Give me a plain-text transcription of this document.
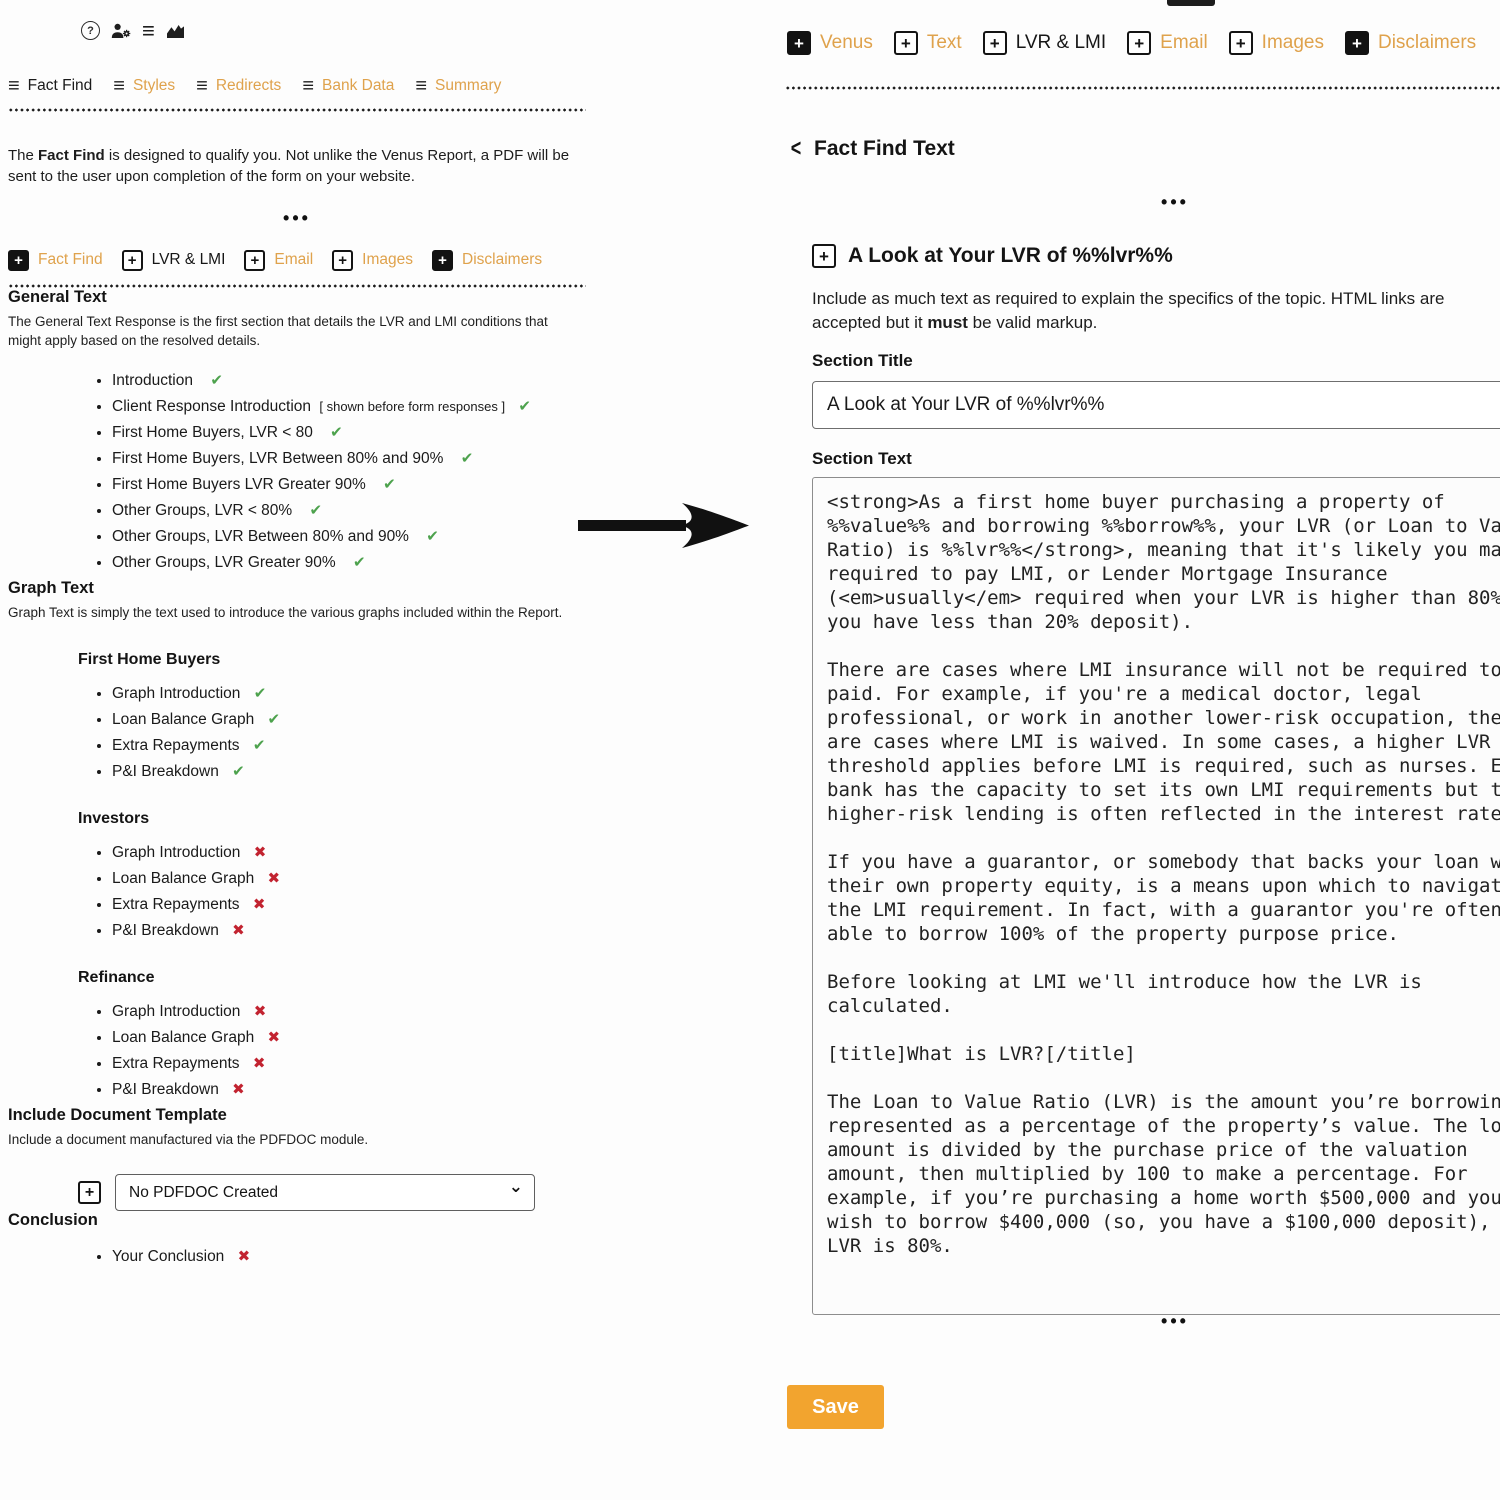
? ≡
≡ Fact Find ≡ Styles ≡ Redirects ≡ Bank Data ≡ Summary

The Fact Find is designed to qualify you. Not unlike the Venus Report, a PDF will be sent to the user upon completion of the form on your website.

•••
+
Fact Find +	LVR & LMI +	Email +	Images +	Disclaimers
General Text

The General Text Response is the first section that details the LVR and LMI conditions that might apply based on the resolved details.

• Introduction ✔
• Client Response Introduction [ shown before form responses ] ✔
• First Home Buyers, LVR < 80 ✔
• First Home Buyers, LVR Between 80% and 90% ✔
• First Home Buyers LVR Greater 90% ✔
• Other Groups, LVR < 80% ✔
• Other Groups, LVR Between 80% and 90% ✔
• Other Groups, LVR Greater 90% ✔
Graph Text

Graph Text is simply the text used to introduce the various graphs included within the Report.

First Home Buyers
• Graph Introduction ✔
• Loan Balance Graph ✔
• Extra Repayments ✔
• P&I Breakdown ✔
Investors
• Graph Introduction ✖
• Loan Balance Graph ✖
• Extra Repayments ✖
• P&I Breakdown ✖
Refinance
• Graph Introduction ✖
• Loan Balance Graph ✖
• Extra Repayments ✖
• P&I Breakdown ✖
Include Document Template

Include a document manufactured via the PDFDOC module.

+
No PDFDOC Created ⌄
Conclusion
• Your Conclusion ✖
+
Venus +	Text +	LVR & LMI +	Email +	Images +	Disclaimers
< Fact Find Text
•••
+
A Look at Your LVR of %%lvr%%
Include as much text as required to explain the specifics of the topic. HTML links are
accepted but it must be valid markup.
Section Title
A Look at Your LVR of %%lvr%%
Section Text
<strong>As a first home buyer purchasing a property of %%value%% and borrowing %%borrow%%, your LVR (or Loan to Value Ratio) is %%lvr%%</strong>, meaning that it's likely you may be required to pay LMI, or Lender Mortgage Insurance (<em>usually</em> required when your LVR is higher than 80%, or you have less than 20% deposit). There are cases where LMI insurance will not be required to be paid. For example, if you're a medical doctor, legal professional, or work in another lower-risk occupation, there are cases where LMI is waived. In some cases, a higher LVR threshold applies before LMI is required, such as nurses. Each bank has the capacity to set its own LMI requirements but the higher-risk lending is often reflected in the interest rate. If you have a guarantor, or somebody that backs your loan with their own property equity, is a means upon which to navigate the LMI requirement. In fact, with a guarantor you're often able to borrow 100% of the property purpose price. Before looking at LMI we'll introduce how the LVR is calculated. [title]What is LVR?[/title] The Loan to Value Ratio (LVR) is the amount you’re borrowing represented as a percentage of the property’s value. The loan amount is divided by the purchase price of the valuation amount, then multiplied by 100 to make a percentage. For example, if you’re purchasing a home worth $500,000 and you wish to borrow $400,000 (so, you have a $100,000 deposit), the LVR is 80%.
•••
Save
